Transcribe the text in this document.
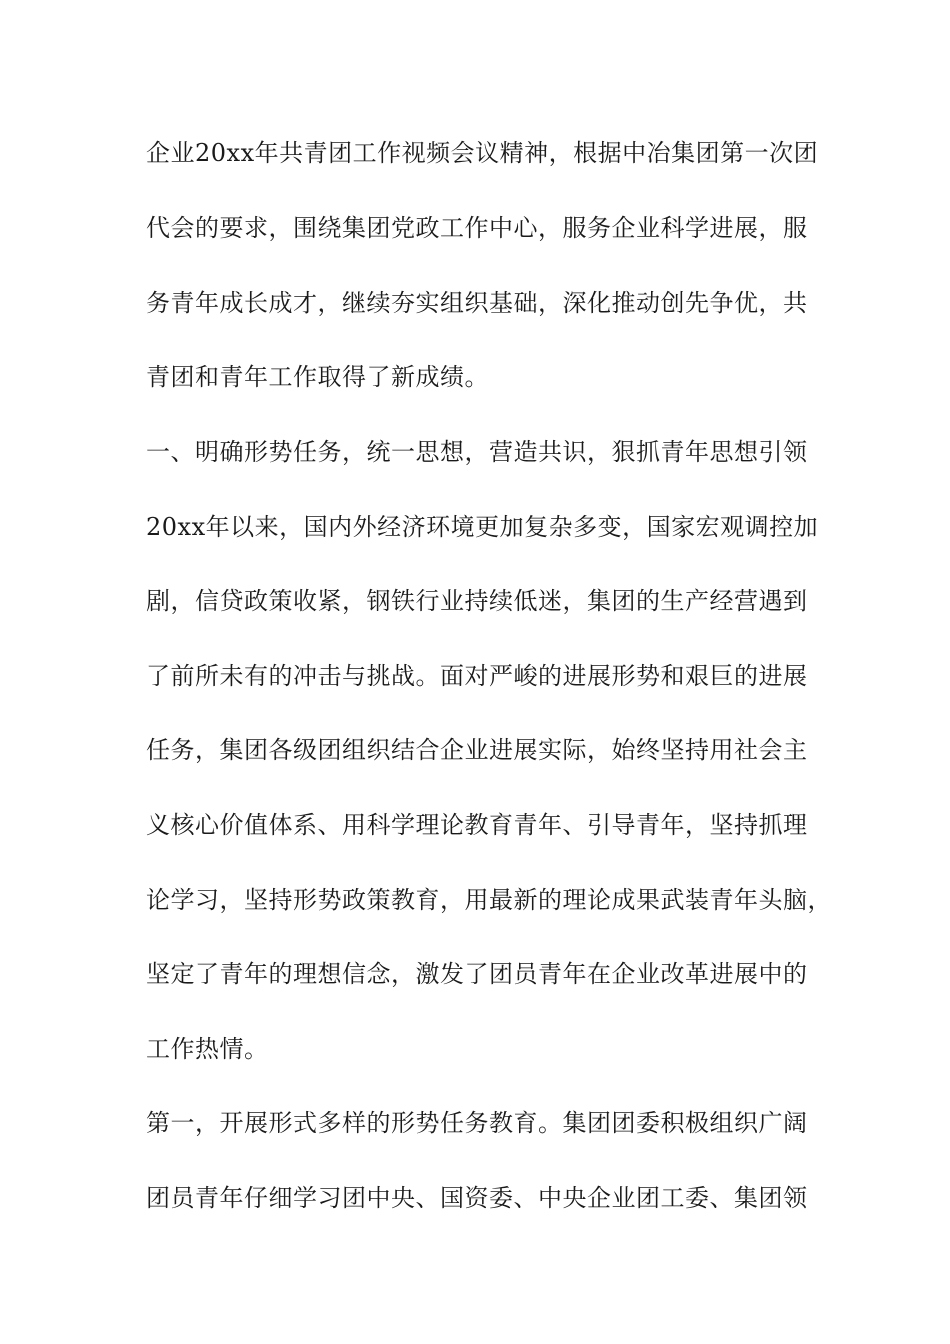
企业20xx年共青团工作视频会议精神，根据中冶集团第一次团
代会的要求，围绕集团党政工作中心，服务企业科学进展，服
务青年成长成才，继续夯实组织基础，深化推动创先争优，共
青团和青年工作取得了新成绩。
一、明确形势任务，统一思想，营造共识，狠抓青年思想引领
20xx年以来，国内外经济环境更加复杂多变，国家宏观调控加
剧，信贷政策收紧，钢铁行业持续低迷，集团的生产经营遇到
了前所未有的冲击与挑战。面对严峻的进展形势和艰巨的进展
任务，集团各级团组织结合企业进展实际，始终坚持用社会主
义核心价值体系、用科学理论教育青年、引导青年，坚持抓理
论学习，坚持形势政策教育，用最新的理论成果武装青年头脑，
坚定了青年的理想信念，激发了团员青年在企业改革进展中的
工作热情。
第一，开展形式多样的形势任务教育。集团团委积极组织广阔
团员青年仔细学习团中央、国资委、中央企业团工委、集团领
